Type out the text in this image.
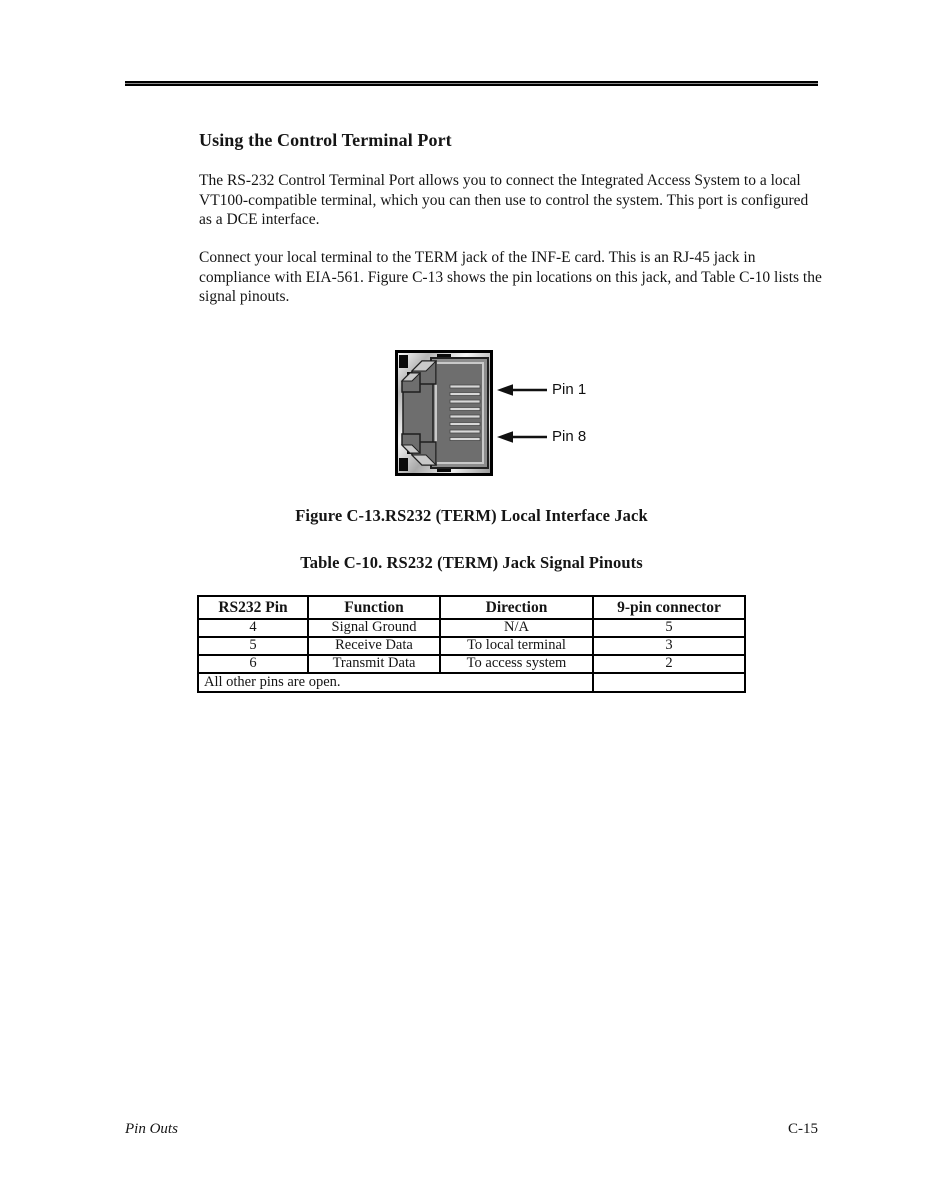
Using the Control Terminal Port

The RS-232 Control Terminal Port allows you to connect the Integrated Access System to a local VT100-compatible terminal, which you can then use to control the system. This port is configured as a DCE interface.

Connect your local terminal to the TERM jack of the INF-E card. This is an RJ-45 jack in compliance with EIA-561. Figure C-13 shows the pin locations on this jack, and Table C-10 lists the signal pinouts.

Pin 1
Pin 8
Figure C-13.RS232 (TERM) Local Interface Jack
Table C-10. RS232 (TERM) Jack Signal Pinouts
RS232 Pin	Function	Direction	9-pin connector
4	Signal Ground	N/A	5
5	Receive Data	To local terminal	3
6	Transmit Data	To access system	2
All other pins are open.			
Pin Outs	C-15
